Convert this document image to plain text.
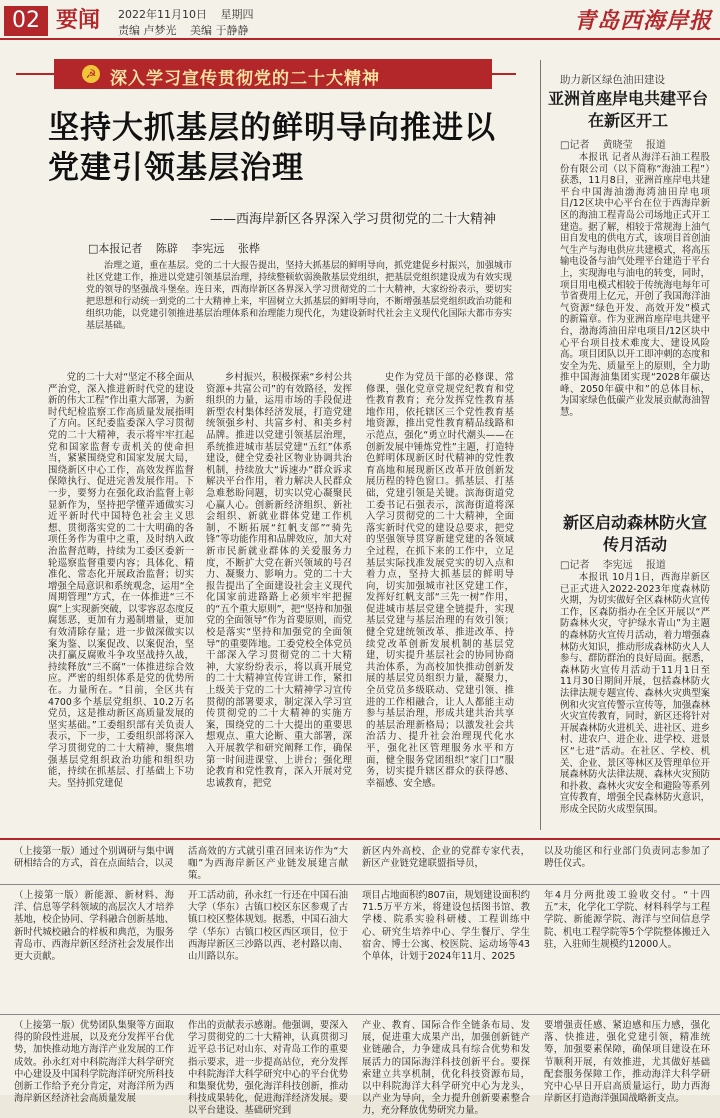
02 要闻 2022年11月10日 星期四
责编 卢梦光 美编 于静静	青岛西海岸报
☭ 深入学习宣传贯彻党的二十大精神
坚持大抓基层的鲜明导向推进以党建引领基层治理
——西海岸新区各界深入学习贯彻党的二十大精神
□本报记者 陈辟 李宪远 张桦
治理之道，重在基层。党的二十大报告提出，坚持大抓基层的鲜明导向，抓党建促乡村振兴，加强城市社区党建工作，推进以党建引领基层治理，持续整顿软弱涣散基层党组织，把基层党组织建设成为有效实现党的领导的坚强战斗堡垒。连日来，西海岸新区各界深入学习贯彻党的二十大精神，大家纷纷表示，要切实把思想和行动统一到党的二十大精神上来，牢固树立大抓基层的鲜明导向，不断增强基层党组织政治功能和组织功能，以党建引领推进基层治理体系和治理能力现代化，为建设新时代社会主义现代化国际大都市夯实基层基础。
党的二十大对“坚定不移全面从严治党，深入推进新时代党的建设新的伟大工程”作出重大部署，为新时代纪检监察工作高质量发展指明了方向。区纪委监委深入学习贯彻党的二十大精神，表示将牢牢扛起党和国家监督专责机关的使命担当，紧紧围绕党和国家发展大局，围绕新区中心工作，高效发挥监督保障执行、促进完善发展作用。下一步，要努力在强化政治监督上彰显新作为，坚持把学懂弄通做实习近平新时代中国特色社会主义思想、贯彻落实党的二十大明确的各项任务作为重中之重，及时纳入政治监督范畴，持续为工委区委新一轮巡察监督重要内容；具体化、精准化、常态化开展政治监督；切实增强全局意识和系统观念，运用“全周期管理”方式，在一体推进“三不腐”上实现新突破，以零容忍态度反腐惩恶，更加有力遏制增量，更加有效清除存量；进一步做深做实以案为鉴、以案促改、以案促治，坚决打赢反腐败斗争攻坚战持久战，持续释放“三不腐”一体推进综合效应。严密的组织体系是党的优势所在。力量所在。“目前，全区共有4700多个基层党组织、10.2万名党员，这是推动新区高质量发展的坚实基础。”工委组织部有关负责人表示，下一步，工委组织部将深入学习贯彻党的二十大精神，聚焦增强基层党组织政治功能和组织功能，持续在抓基层、打基础上下功夫。坚持抓党建促
乡村振兴，积极探索“乡村公共资源+共富公司”的有效路径，发挥组织的力量，运用市场的手段促进新型农村集体经济发展，打造党建统领强乡村、共富乡村、和美乡村品牌。推进以党建引领基层治理，系统推进城市基层党建“五红”体系建设，健全党委社区物业协调共治机制，持续放大“诉速办”群众诉求解决平台作用，着力解决人民群众急难愁盼问题，切实以党心凝聚民心赢人心。创新新经济组织、新社会组织、新就业群体党建工作机制，不断拓展“红帆支部”“骑先锋”等功能作用和品牌效应，加大对新市民新就业群体的关爱服务力度，不断扩大党在新兴领域的号召力、凝聚力、影响力。党的二十大报告提出了全面建设社会主义现代化国家前进路路上必须牢牢把握的“五个重大原则”，把“坚持和加强党的全面领导”作为首要原则，而党校是落实“坚持和加强党的全面领导”的重要阵地。工委党校全体党员干部深入学习贯彻党的二十大精神，大家纷纷表示，将以真开展党的二十大精神宣传宣讲工作，紧扣上级关于党的二十大精神学习宣传贯彻的部署要求，制定深入学习宣传贯彻党的二十大精神的实施方案，围绕党的二十大提出的重要思想观点、重大论断、重大部署，深入开展教学和研究阐释工作，确保第一时间进课堂、上讲台；强化理论教育和党性教育，深入开展对党忠诚教育，把党
史作为党员干部的必修课、常修课，强化党章党规党纪教育和党性教育教育；充分发挥党性教育基地作用，依托辖区三个党性教育基地资源，推出党性教育精品线路和示范点，强化“勇立时代潮头——在创新发展中锤炼党性”主题，打造特色鲜明体现新区时代精神的党性教育高地和展现新区改革开放创新发展历程的特色窗口。抓基层、打基础，党建引领是关键。滨海街道党工委书记石强表示，滨海街道将深入学习贯彻党的二十大精神，全面落实新时代党的建设总要求，把党的坚强领导贯穿新建党建的各领域全过程，在抓下来的工作中，立足基层实际找准发展党实的切入点和着力点，坚持大抓基层的鲜明导向，切实加强城市社区党建工作，发挥好红帆支部“三先一树”作用，促进城市基层党建全链提升，实现基层党建与基层治理的有效引领；健全党建统领改革、推进改革、持续党改革创新发展机制的基层党建，切实提升基层社会的协同协商共治体系，为高校加快推动创新发展的基层党员组织力量，凝聚力，全员党员多级联动、党建引领、推进的工作相融合，让人人都能主动参与基层治理，形成共建共治共享的基层治理新格局；以激发社会共治活力、提升社会治理现代化水平，强化社区管理服务水平和方面，健全服务党团组织“家门口”服务，切实提升辖区群众的获得感、幸福感、安全感。
助力新区绿色油田建设
亚洲首座岸电共建平台在新区开工
□记者 黄晓莹 报道
本报讯 记者从海洋石油工程股份有限公司（以下简称“海油工程”）获悉，11月8日，亚洲首座岸电共建平台中国海油渤海湾油田岸电项目/12区块中心平台在位于西海岸新区的海油工程青岛公司场地正式开工建造。据了解，相较于常规海上油气田自发电的供电方式，该项目首创油气生产与海电供应共建模式，将高压输电设备与油气处理平台建造于平台上，实现海电与油电的转变，同时，项目用电模式相较于传统海电每年可节省费用上亿元，开创了我国海洋油气资源“绿色开发、高效开发”模式的新篇章。作为亚洲首座岸电共建平台，渤海湾油田岸电项目/12区块中心平台项目技术难度大、建设风险高。项目团队以开工即冲刺的态度和安全为先、质量至上的原则，全力助推中国海油集团实现“2028年碳达峰、2050年碳中和”的总体目标，为国家绿色低碳产业发展贡献海油智慧。
新区启动森林防火宣传月活动
□记者 李宪远 报道
本报讯 10月1日，西海岸新区已正式进入2022-2023年度森林防火期，为切实做好全区森林防火宣传工作，区森防指办在全区开展以“严防森林火灾，守护绿水青山”为主题的森林防火宣传月活动，着力增强森林防火知识，推动形成森林防火人人参与、群防群治的良好局面。据悉，森林防火宣传月活动于11月1日至11月30日期间开展，包括森林防火法律法规专题宣传、森林火灾典型案例和火灾宣传警示宣传等，加强森林火灾宣传教育，同时，新区还将针对开展森林防火进机关、进社区、进乡村、进农户、进企业、进学校、进景区“七进”活动。在社区、学校、机关、企业、景区等林区及管理单位开展森林防火法律法规、森林火灾预防和扑救、森林火灾安全和避险等系列宣传教育，增强全民森林防火意识，形成全民防火成型氛围。
（上接第一版）通过个别调研与集中调研相结合的方式，首在点面结合，以灵
活高效的方式就引重召回来访作为“大咖”为西海岸新区产业链发展建言献策。
新区内外高校、企业的党群专家代表，新区产业链党建联盟指导员，
以及功能区和行业部门负责同志参加了聘任仪式。
（上接第一版）新能源、新材料、海洋、信息等学科领域的高层次人才培养基地，校企协同、学科融合创新基地、新时代城校融合的样板和典范，为服务青岛市、西海岸新区经济社会发展作出更大贡献。
开工活动前，孙永红一行还在中国石油大学（华东）古镇口校区东区参观了古镇口校区整体规划。据悉，中国石油大学（华东）古镇口校区西区项目，位于西海岸新区三沙路以西、老村路以南、山川路以东。
项目占地面积约807亩，规划建设面积约71.5万平方米，将建设包括图书馆、教学楼、院系实验科研楼、工程训练中心、研究生培养中心、学生餐厅、学生宿舍、博士公寓、校医院、运动场等43个单体，计划于2024年11月、2025
年4月分两批竣工验收交付。“十四五”末，化学化工学院、材料科学与工程学院、新能源学院、海洋与空间信息学院、机电工程学院等5个学院整体搬迁入驻，入驻师生规模约12000人。
（上接第一版）优势团队集聚等方面取得的阶段性进展，以及充分发挥平台优势，加快推动地方海洋产业发展的工作成效。孙永红对中科院海洋大科学研究中心建设及中国科学院海洋研究所科技创新工作给予充分肯定，对海洋所为西海岸新区经济社会高质量发展
作出的贡献表示感谢。他强调，要深入学习贯彻党的二十大精神，认真贯彻习近平总书记对山东、对青岛工作的重要指示要求，进一步提高站位，充分发挥中科院海洋大科学研究中心的平台优势和集聚优势，强化海洋科技创新，推动科技成果转化，促进海洋经济发展。要以平台建设、基础研究到
产业、教育、国际合作全链条布局、发展，促进重大成果产出，加强创新链产业链融合，力争建成具有综合优势和发展活力的国际海洋科技创新平台。要探索建立共享机制，优化科技资源布局，以中科院海洋大科学研究中心为龙头，以产业为导向，全力提升创新要素整合力，充分释放优势研究力量。
要增强责任感、紧迫感和压力感，强化落、快推进，强化党建引领，精准统筹，加强要素保障，确保项目建设在环节顺利开展，有效推进，尤其做好基础配套服务保障工作，推动海洋大科学研究中心早日开启高质量运行，助力西海岸新区打造海洋强国战略新支点。
